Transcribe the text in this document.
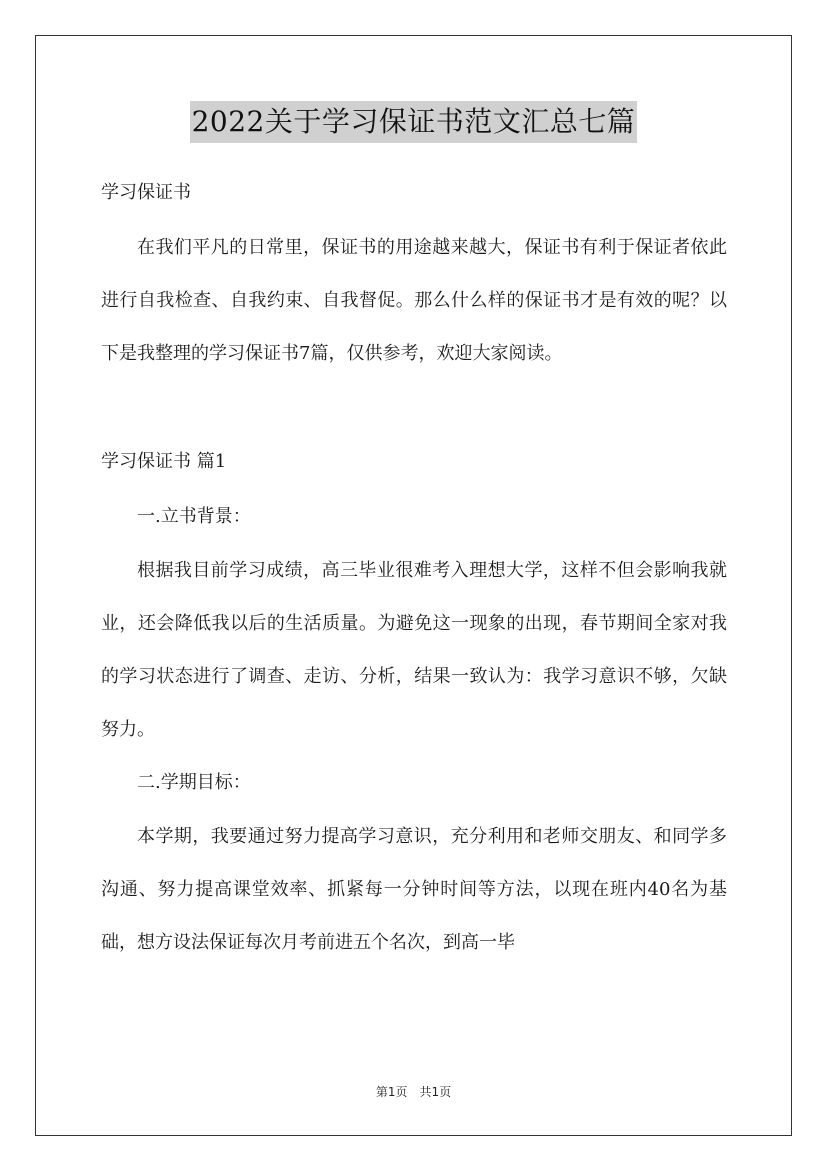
2022关于学习保证书范文汇总七篇
学习保证书

在我们平凡的日常里，保证书的用途越来越大，保证书有利于保证者依此进行自我检查、自我约束、自我督促。那么什么样的保证书才是有效的呢？以下是我整理的学习保证书7篇，仅供参考，欢迎大家阅读。

学习保证书 篇1
一.立书背景：

根据我目前学习成绩，高三毕业很难考入理想大学，这样不但会影响我就业，还会降低我以后的生活质量。为避免这一现象的出现，春节期间全家对我的学习状态进行了调查、走访、分析，结果一致认为：我学习意识不够，欠缺努力。

二.学期目标：

本学期，我要通过努力提高学习意识，充分利用和老师交朋友、和同学多沟通、努力提高课堂效率、抓紧每一分钟时间等方法，以现在班内40名为基础，想方设法保证每次月考前进五个名次，到高一毕

第1页　共1页
